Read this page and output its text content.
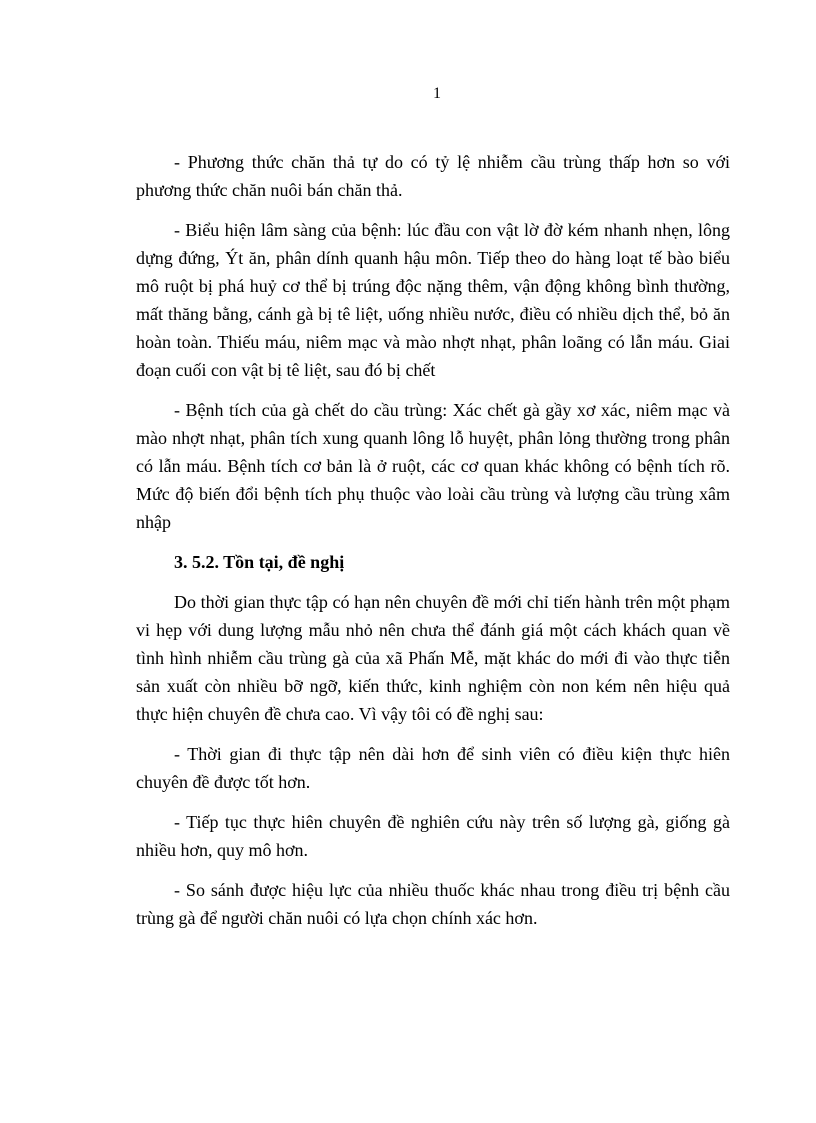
1

- Phương thức chăn thả tự do có tỷ lệ nhiễm cầu trùng thấp hơn so với phương thức chăn nuôi bán chăn thả.

- Biểu hiện lâm sàng của bệnh: lúc đầu con vật lờ đờ kém nhanh nhẹn, lông dựng đứng, Ýt ăn, phân dính quanh hậu môn. Tiếp theo do hàng loạt tế bào biểu mô ruột bị phá huỷ cơ thể bị trúng độc nặng thêm, vận động không bình thường, mất thăng bằng, cánh gà bị tê liệt, uống nhiều nước, điều có nhiều dịch thể, bỏ ăn hoàn toàn. Thiếu máu, niêm mạc và mào nhợt nhạt, phân loãng có lẫn máu. Giai đoạn cuối con vật bị tê liệt, sau đó bị chết

- Bệnh tích của gà chết do cầu trùng: Xác chết gà gầy xơ xác, niêm mạc và mào nhợt nhạt, phân tích xung quanh lông lỗ huyệt, phân lỏng thường trong phân có lẫn máu. Bệnh tích cơ bản là ở ruột, các cơ quan khác không có bệnh tích rõ. Mức độ biến đổi bệnh tích phụ thuộc vào loài cầu trùng và lượng cầu trùng xâm nhập

3. 5.2. Tồn tại, đề nghị

Do thời gian thực tập có hạn nên chuyên đề mới chỉ tiến hành trên một phạm vi hẹp với dung lượng mẫu nhỏ nên chưa thể đánh giá một cách khách quan về tình hình nhiễm cầu trùng gà của xã Phấn Mễ, mặt khác do mới đi vào thực tiễn sản xuất còn nhiều bỡ ngỡ, kiến thức, kinh nghiệm còn non kém nên hiệu quả thực hiện chuyên đề chưa cao. Vì vậy tôi có đề nghị sau:

- Thời gian đi thực tập nên dài hơn để sinh viên có điều kiện thực hiên chuyên đề được tốt hơn.

- Tiếp tục thực hiên chuyên đề nghiên cứu này trên số lượng gà, giống gà nhiều hơn, quy mô hơn.

- So sánh được hiệu lực của nhiều thuốc khác nhau trong điều trị bệnh cầu trùng gà để người chăn nuôi có lựa chọn chính xác hơn.
